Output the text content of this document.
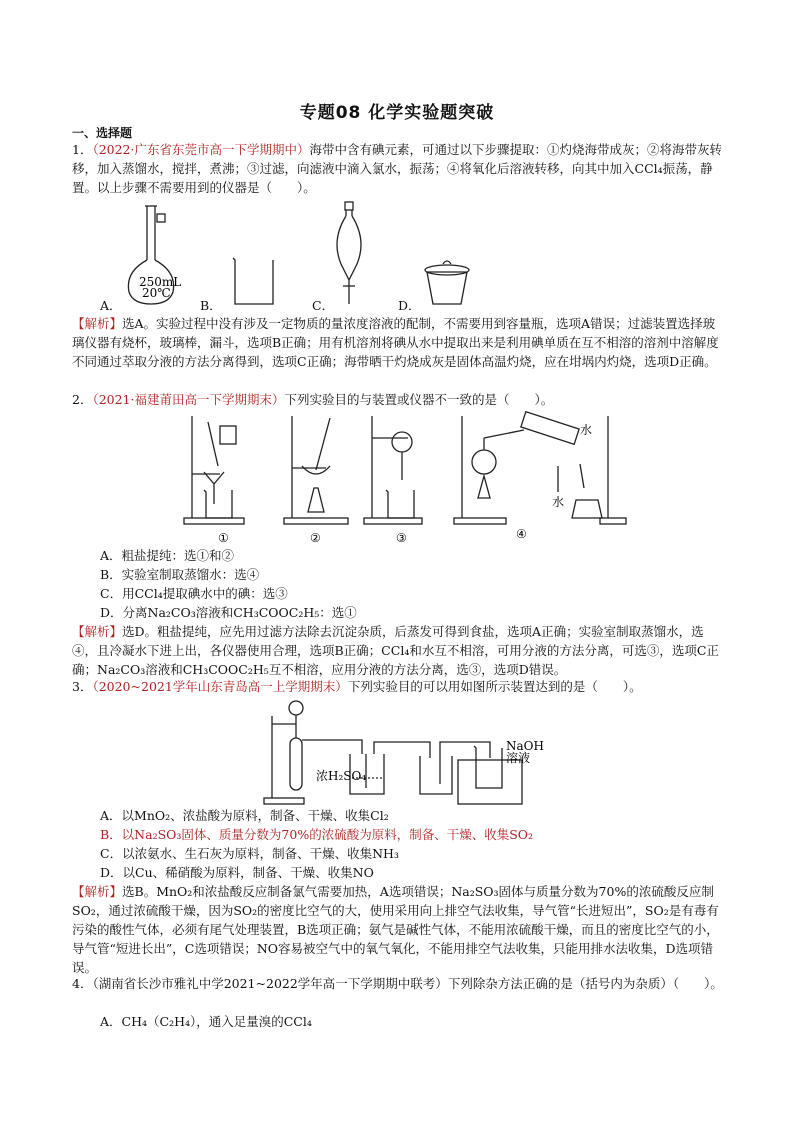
专题08 化学实验题突破
一、选择题
1．（2022·广东省东莞市高一下学期期中）海带中含有碘元素，可通过以下步骤提取：①灼烧海带成灰；②将海带灰转移，加入蒸馏水，搅拌，煮沸；③过滤，向滤液中滴入氯水，振荡；④将氧化后溶液转移，向其中加入CCl₄振荡，静置。以上步骤不需要用到的仪器是（　　）。
250mL
20℃
A．	B．	C．	D．
【解析】选A。实验过程中没有涉及一定物质的量浓度溶液的配制，不需要用到容量瓶，选项A错误；过滤装置选择玻璃仪器有烧杯，玻璃棒，漏斗，选项B正确；用有机溶剂将碘从水中提取出来是利用碘单质在互不相溶的溶剂中溶解度不同通过萃取分液的方法分离得到，选项C正确；海带晒干灼烧成灰是固体高温灼烧，应在坩埚内灼烧，选项D正确。
2．（2021·福建莆田高一下学期期末）下列实验目的与装置或仪器不一致的是（　　）。
水
水
①	②	③	④
A．粗盐提纯：选①和②
B．实验室制取蒸馏水：选④
C．用CCl₄提取碘水中的碘：选③
D．分离Na₂CO₃溶液和CH₃COOC₂H₅：选①
【解析】选D。粗盐提纯，应先用过滤方法除去沉淀杂质，后蒸发可得到食盐，选项A正确；实验室制取蒸馏水，选④，且冷凝水下进上出，各仪器使用合理，选项B正确；CCl₄和水互不相溶，可用分液的方法分离，可选③，选项C正确；Na₂CO₃溶液和CH₃COOC₂H₅互不相溶，应用分液的方法分离，选③，选项D错误。
3．（2020~2021学年山东青岛高一上学期期末）下列实验目的可以用如图所示装置达到的是（　　）。
浓H₂SO₄
NaOH
溶液
A．以MnO₂、浓盐酸为原料，制备、干燥、收集Cl₂
B．以Na₂SO₃固体、质量分数为70%的浓硫酸为原料，制备、干燥、收集SO₂
C．以浓氨水、生石灰为原料，制备、干燥、收集NH₃
D．以Cu、稀硝酸为原料，制备、干燥、收集NO
【解析】选B。MnO₂和浓盐酸反应制备氯气需要加热，A选项错误；Na₂SO₃固体与质量分数为70%的浓硫酸反应制SO₂，通过浓硫酸干燥，因为SO₂的密度比空气的大，使用采用向上排空气法收集，导气管“长进短出”，SO₂是有毒有污染的酸性气体，必须有尾气处理装置，B选项正确；氨气是碱性气体，不能用浓硫酸干燥，而且的密度比空气的小，导气管“短进长出”，C选项错误；NO容易被空气中的氧气氧化，不能用排空气法收集，只能用排水法收集，D选项错误。
4．（湖南省长沙市雅礼中学2021~2022学年高一下学期期中联考）下列除杂方法正确的是（括号内为杂质）（　　）。
A．CH₄（C₂H₄），通入足量溴的CCl₄
